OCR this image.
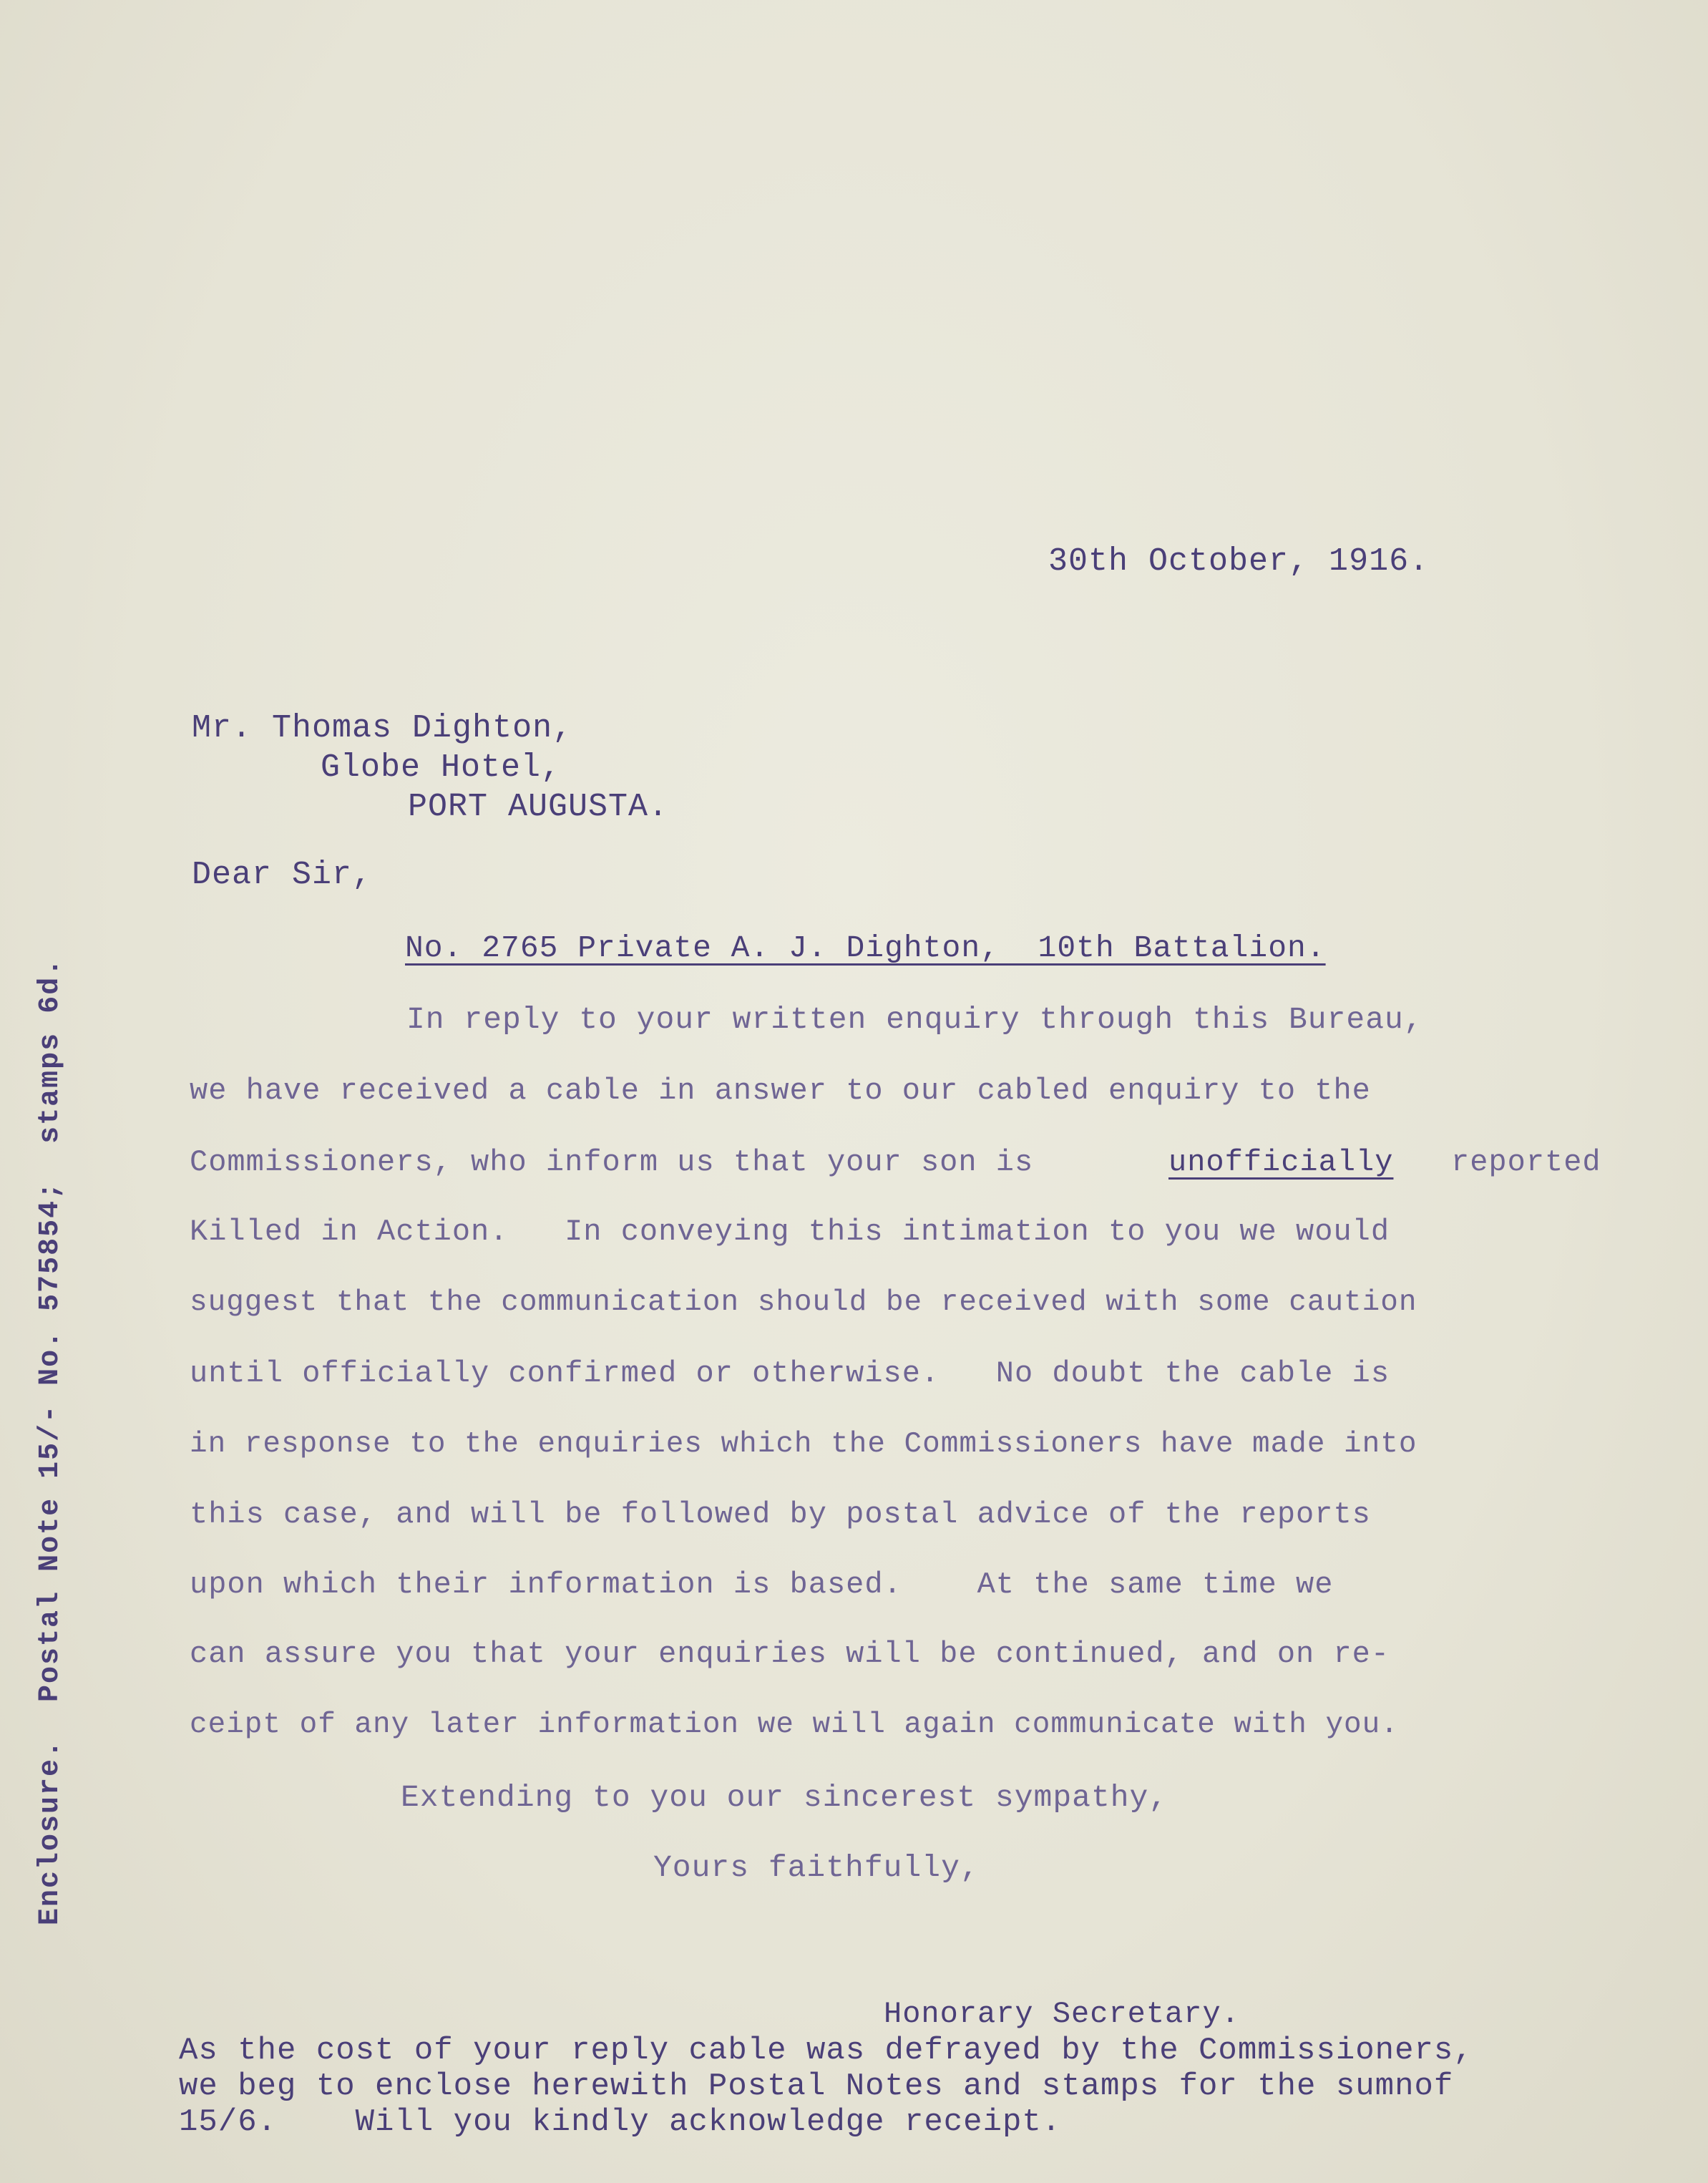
30th October, 1916.
Mr. Thomas Dighton,
Globe Hotel,
PORT AUGUSTA.
Dear Sir,
No. 2765 Private A. J. Dighton,  10th Battalion.
In reply to your written enquiry through this Bureau,
we have received a cable in answer to our cabled enquiry to the
Commissioners, who inform us that your son is	unofficially reported
Killed in Action.   In conveying this intimation to you we would
suggest that the communication should be received with some caution
until officially confirmed or otherwise.   No doubt the cable is
in response to the enquiries which the Commissioners have made into
this case, and will be followed by postal advice of the reports
upon which their information is based.    At the same time we
can assure you that your enquiries will be continued, and on re-
ceipt of any later information we will again communicate with you.
Extending to you our sincerest sympathy,
Yours faithfully,
Honorary Secretary.
As the cost of your reply cable was defrayed by the Commissioners,
we beg to enclose herewith Postal Notes and stamps for the sumnof
15/6.    Will you kindly acknowledge receipt.
Enclosure.  Postal Note 15/- No. 575854;  stamps 6d.
